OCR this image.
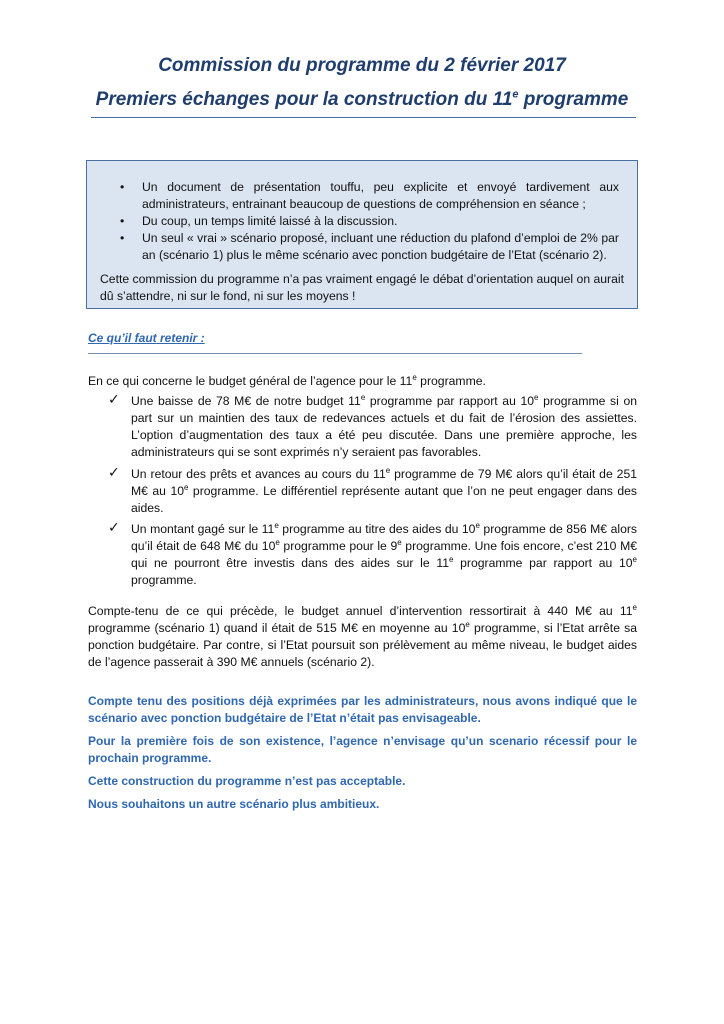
Commission du programme du 2 février 2017
Premiers échanges pour la construction du 11e programme
• Un document de présentation touffu, peu explicite et envoyé tardivement aux administrateurs, entrainant beaucoup de questions de compréhension en séance ;
• Du coup, un temps limité laissé à la discussion.
• Un seul « vrai » scénario proposé, incluant une réduction du plafond d’emploi de 2% par an (scénario 1) plus le même scénario avec ponction budgétaire de l’Etat (scénario 2).
Cette commission du programme n’a pas vraiment engagé le débat d’orientation auquel on aurait dû s’attendre, ni sur le fond, ni sur les moyens !
Ce qu’il faut retenir :
En ce qui concerne le budget général de l’agence pour le 11e programme.
✓ Une baisse de 78 M€ de notre budget 11e programme par rapport au 10e programme si on part sur un maintien des taux de redevances actuels et du fait de l’érosion des assiettes. L’option d’augmentation des taux a été peu discutée. Dans une première approche, les administrateurs qui se sont exprimés n’y seraient pas favorables.
✓ Un retour des prêts et avances au cours du 11e programme de 79 M€ alors qu’il était de 251 M€ au 10e programme. Le différentiel représente autant que l’on ne peut engager dans des aides.
✓ Un montant gagé sur le 11e programme au titre des aides du 10e programme de 856 M€ alors qu’il était de 648 M€ du 10e programme pour le 9e programme. Une fois encore, c’est 210 M€ qui ne pourront être investis dans des aides sur le 11e programme par rapport au 10e programme.
Compte-tenu de ce qui précède, le budget annuel d’intervention ressortirait à 440 M€ au 11e programme (scénario 1) quand il était de 515 M€ en moyenne au 10e programme, si l’Etat arrête sa ponction budgétaire. Par contre, si l’Etat poursuit son prélèvement au même niveau, le budget aides de l’agence passerait à 390 M€ annuels (scénario 2).
Compte tenu des positions déjà exprimées par les administrateurs, nous avons indiqué que le scénario avec ponction budgétaire de l’Etat n’était pas envisageable.
Pour la première fois de son existence, l’agence n’envisage qu’un scenario récessif pour le prochain programme.
Cette construction du programme n’est pas acceptable.
Nous souhaitons un autre scénario plus ambitieux.
